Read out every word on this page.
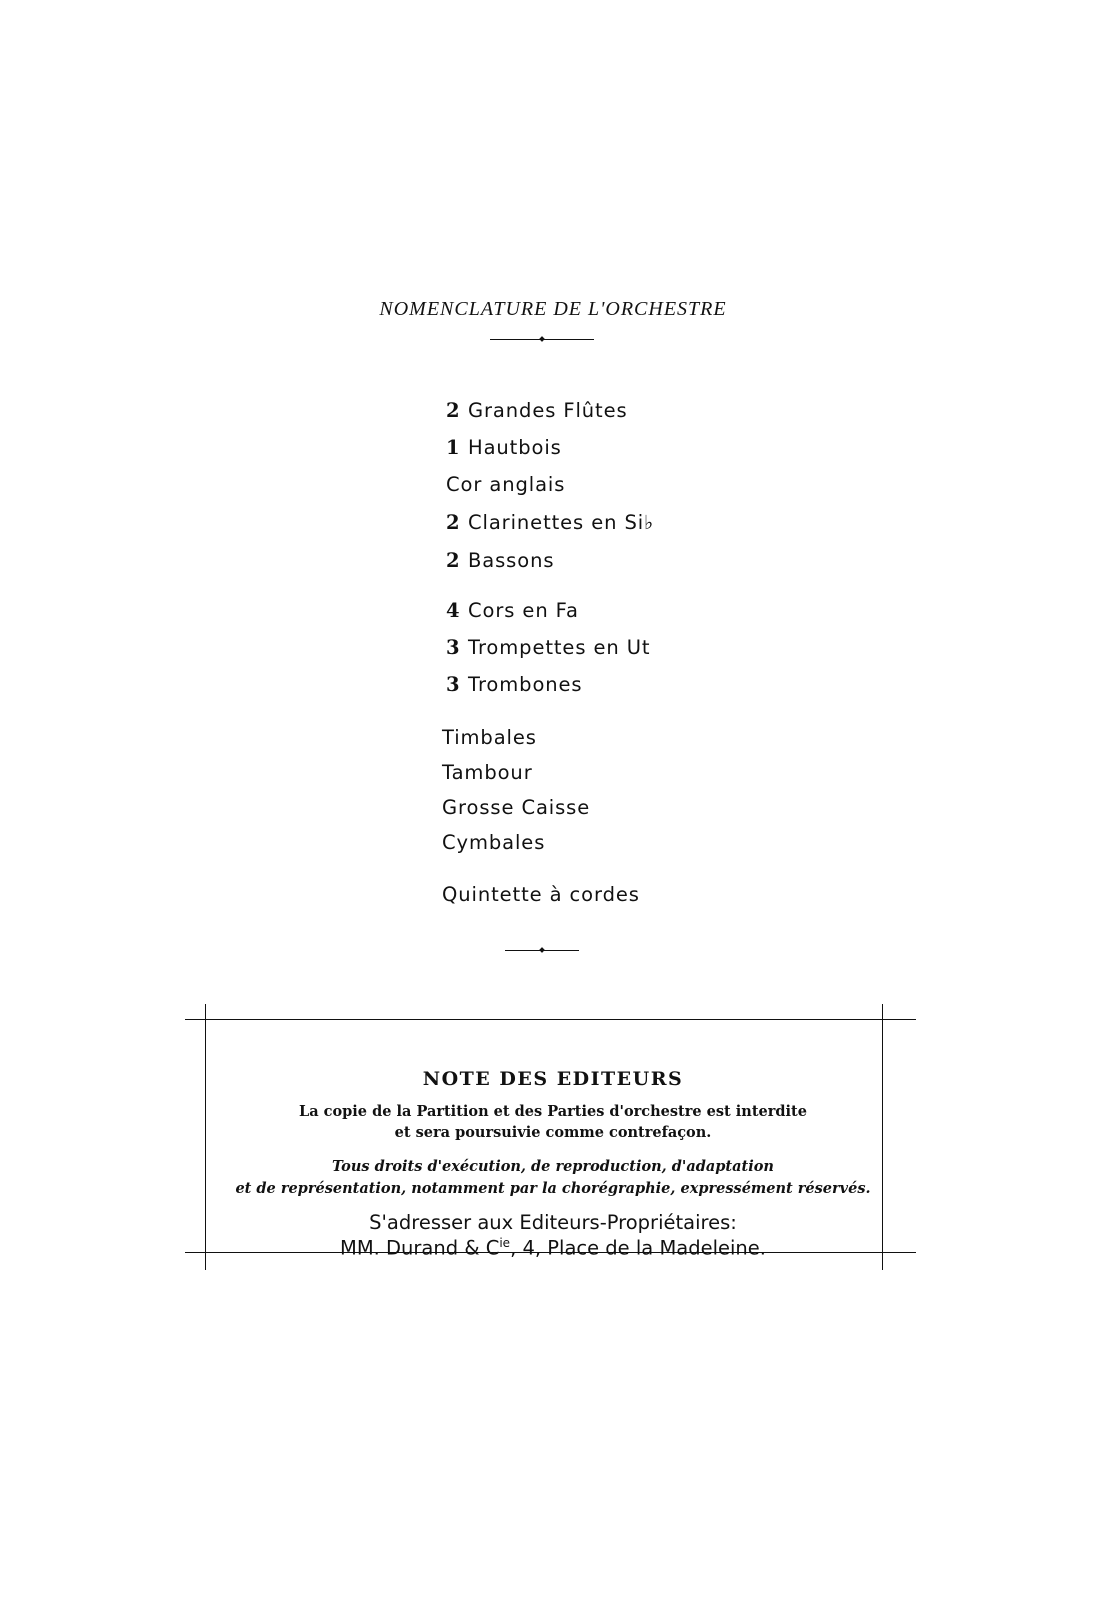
NOMENCLATURE DE L'ORCHESTRE
2 Grandes Flûtes
1 Hautbois
Cor anglais
2 Clarinettes en Si♭
2 Bassons
4 Cors en Fa
3 Trompettes en Ut
3 Trombones
Timbales
Tambour
Grosse Caisse
Cymbales
Quintette à cordes
NOTE DES EDITEURS
La copie de la Partition et des Parties d'orchestre est interdite
et sera poursuivie comme contrefaçon.
Tous droits d'exécution, de reproduction, d'adaptation
et de représentation, notamment par la chorégraphie, expressément réservés.
S'adresser aux Editeurs-Propriétaires:
MM. Durand & $C^{ie}$, 4, Place de la Madeleine.
